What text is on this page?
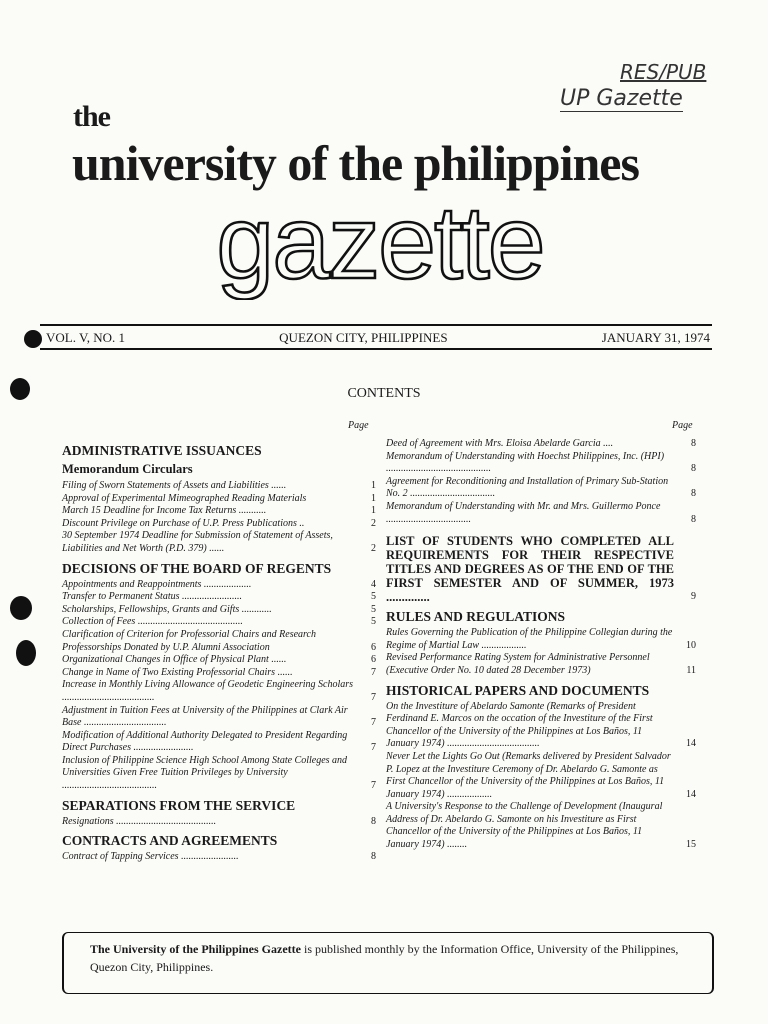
RES/PUB
UP Gazette
the
university of the philippines
gazette
VOL. V, NO. 1	QUEZON CITY, PHILIPPINES	JANUARY 31, 1974
CONTENTS
Page	Page
ADMINISTRATIVE ISSUANCES
Memorandum Circulars
Filing of Sworn Statements of Assets and Liabilities ......	1
Approval of Experimental Mimeographed Reading Materials	1
March 15 Deadline for Income Tax Returns ...........	1
Discount Privilege on Purchase of U.P. Press Publications ..	2
30 September 1974 Deadline for Submission of Statement of Assets, Liabilities and Net Worth (P.D. 379) ......	2
DECISIONS OF THE BOARD OF REGENTS
Appointments and Reappointments ...................	4
Transfer to Permanent Status ........................	5
Scholarships, Fellowships, Grants and Gifts ............	5
Collection of Fees ..........................................	5
Clarification of Criterion for Professorial Chairs and Research Professorships Donated by U.P. Alumni Association	6
Organizational Changes in Office of Physical Plant ......	6
Change in Name of Two Existing Professorial Chairs ......	7
Increase in Monthly Living Allowance of Geodetic Engineering Scholars .....................................	7
Adjustment in Tuition Fees at University of the Philippines at Clark Air Base .................................	7
Modification of Additional Authority Delegated to President Regarding Direct Purchases ........................	7
Inclusion of Philippine Science High School Among State Colleges and Universities Given Free Tuition Privileges by University ......................................	7
SEPARATIONS FROM THE SERVICE
Resignations ........................................	8
CONTRACTS AND AGREEMENTS
Contract of Tapping Services .......................	8
Deed of Agreement with Mrs. Eloisa Abelarde Garcia ....	8
Memorandum of Understanding with Hoechst Philippines, Inc. (HPI) ..........................................	8
Agreement for Reconditioning and Installation of Primary Sub-Station No. 2 ..................................	8
Memorandum of Understanding with Mr. and Mrs. Guillermo Ponce ..................................	8
LIST OF STUDENTS WHO COMPLETED ALL REQUIREMENTS FOR THEIR RESPECTIVE TITLES AND DEGREES AS OF THE END OF THE FIRST SEMESTER AND OF SUMMER, 1973 ..............	9
RULES AND REGULATIONS
Rules Governing the Publication of the Philippine Collegian during the Regime of Martial Law ..................	10
Revised Performance Rating System for Administrative Personnel (Executive Order No. 10 dated 28 December 1973)	11
HISTORICAL PAPERS AND DOCUMENTS
On the Investiture of Abelardo Samonte (Remarks of President Ferdinand E. Marcos on the occation of the Investiture of the First Chancellor of the University of the Philippines at Los Baños, 11 January 1974) .....................................	14
Never Let the Lights Go Out (Remarks delivered by President Salvador P. Lopez at the Investiture Ceremony of Dr. Abelardo G. Samonte as First Chancellor of the University of the Philippines at Los Baños, 11 January 1974) ..................	14
A University's Response to the Challenge of Development (Inaugural Address of Dr. Abelardo G. Samonte on his Investiture as First Chancellor of the University of the Philippines at Los Baños, 11 January 1974) ........	15
The University of the Philippines Gazette is published monthly by the Information Office, University of the Philippines, Quezon City, Philippines.
